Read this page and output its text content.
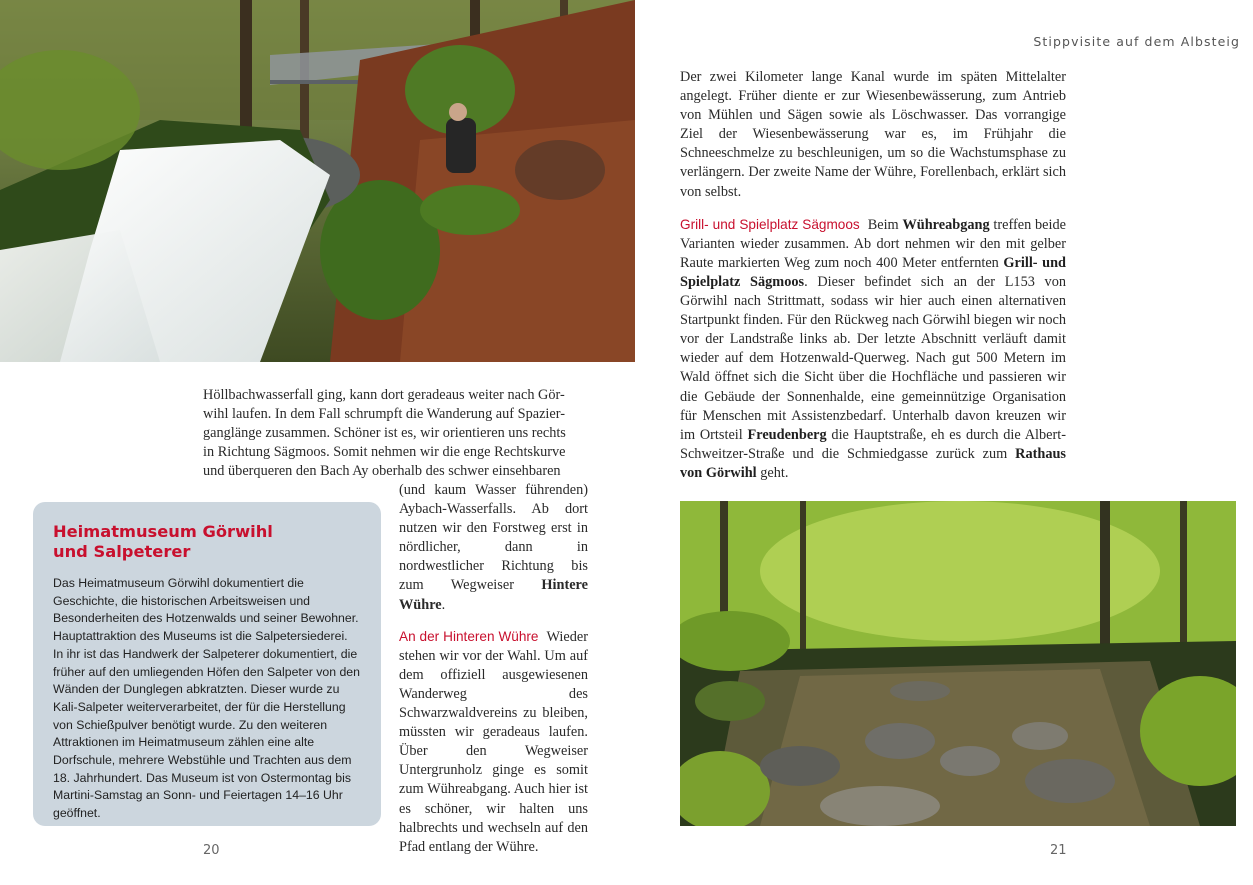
Stippvisite auf dem Albsteig

Höllbachwasserfall ging, kann dort geradeaus weiter nach Gör-

wihl laufen. In dem Fall schrumpft die Wanderung auf Spazier-

ganglänge zusammen. Schöner ist es, wir orientieren uns rechts

in Richtung Sägmoos. Somit nehmen wir die enge Rechtskurve

und überqueren den Bach Ay oberhalb des schwer einsehbaren

(und kaum Wasser führenden) Aybach-Wasserfalls. Ab dort nutzen wir den Forstweg erst in nördlicher, dann in nordwestlicher Richtung bis zum Wegweiser Hintere Wühre.

An der Hinteren Wühre Wieder stehen wir vor der Wahl. Um auf dem offiziell ausgewiesenen Wanderweg des Schwarzwaldvereins zu bleiben, müssten wir geradeaus laufen. Über den Wegweiser Untergrunholz ginge es somit zum Wühreabgang. Auch hier ist es schöner, wir halten uns halbrechts und wechseln auf den Pfad entlang der Wühre.

Heimatmuseum Görwihl
und Salpeterer

Das Heimatmuseum Görwihl dokumentiert die Geschichte, die historischen Arbeitsweisen und Besonderheiten des Hotzenwalds und seiner Bewohner. Hauptattraktion des Museums ist die Salpetersiederei. In ihr ist das Handwerk der Salpeterer dokumentiert, die früher auf den umliegenden Höfen den Salpeter von den Wänden der Dunglegen abkratzten. Dieser wurde zu Kali-Salpeter weiterverarbeitet, der für die Herstellung von Schießpulver benötigt wurde. Zu den weiteren Attraktionen im Heimatmuseum zählen eine alte Dorfschule, mehrere Webstühle und Trachten aus dem 18. Jahrhundert. Das Museum ist von Ostermontag bis Martini-Samstag an Sonn- und Feiertagen 14–16 Uhr geöffnet.

Der zwei Kilometer lange Kanal wurde im späten Mittelalter angelegt. Früher diente er zur Wiesenbewässerung, zum Antrieb von Mühlen und Sägen sowie als Löschwasser. Das vorrangige Ziel der Wiesenbewässerung war es, im Frühjahr die Schneeschmelze zu beschleunigen, um so die Wachstumsphase zu verlängern. Der zweite Name der Wühre, Forellenbach, erklärt sich von selbst.

Grill- und Spielplatz Sägmoos Beim Wühreabgang treffen beide Varianten wieder zusammen. Ab dort nehmen wir den mit gelber Raute markierten Weg zum noch 400 Meter entfernten Grill- und Spielplatz Sägmoos. Dieser befindet sich an der L153 von Görwihl nach Strittmatt, sodass wir hier auch einen alternativen Startpunkt finden. Für den Rückweg nach Görwihl biegen wir noch vor der Landstraße links ab. Der letzte Abschnitt verläuft damit wieder auf dem Hotzenwald-Querweg. Nach gut 500 Metern im Wald öffnet sich die Sicht über die Hochfläche und passieren wir die Gebäude der Sonnenhalde, eine gemeinnützige Organisation für Menschen mit Assistenzbedarf. Unterhalb davon kreuzen wir im Ortsteil Freudenberg die Hauptstraße, eh es durch die Albert-Schweitzer-Straße und die Schmiedgasse zurück zum Rathaus von Görwihl geht.

20	21
